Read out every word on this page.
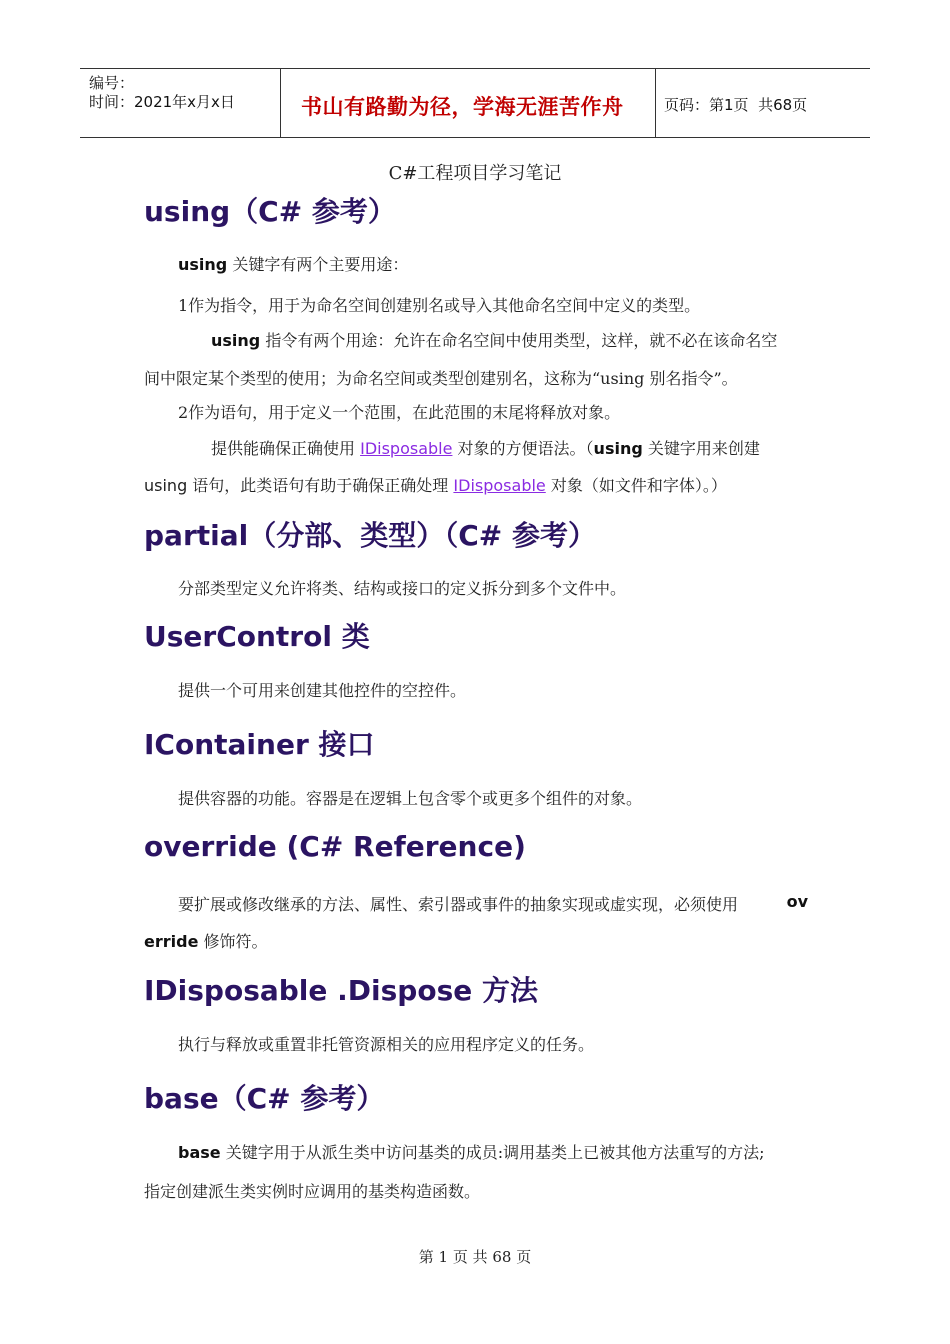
编号：
时间：2021年x月x日	书山有路勤为径，学海无涯苦作舟	页码：第1页  共68页
C#工程项目学习笔记
using（C# 参考）
using 关键字有两个主要用途：
1作为指令，用于为命名空间创建别名或导入其他命名空间中定义的类型。
using 指令有两个用途：允许在命名空间中使用类型，这样，就不必在该命名空
间中限定某个类型的使用；为命名空间或类型创建别名，这称为“using 别名指令”。
2作为语句，用于定义一个范围，在此范围的末尾将释放对象。
提供能确保正确使用 IDisposable 对象的方便语法。（using 关键字用来创建
using 语句，此类语句有助于确保正确处理 IDisposable 对象（如文件和字体）。）
partial（分部、类型）（C# 参考）
分部类型定义允许将类、结构或接口的定义拆分到多个文件中。
UserControl 类
提供一个可用来创建其他控件的空控件。
IContainer 接口
提供容器的功能。容器是在逻辑上包含零个或更多个组件的对象。
override (C# Reference)
要扩展或修改继承的方法、属性、索引器或事件的抽象实现或虚实现，必须使用	ov
erride 修饰符。
IDisposable .Dispose 方法
执行与释放或重置非托管资源相关的应用程序定义的任务。
base（C# 参考）
base 关键字用于从派生类中访问基类的成员:调用基类上已被其他方法重写的方法;
指定创建派生类实例时应调用的基类构造函数。
第 1 页 共 68 页
